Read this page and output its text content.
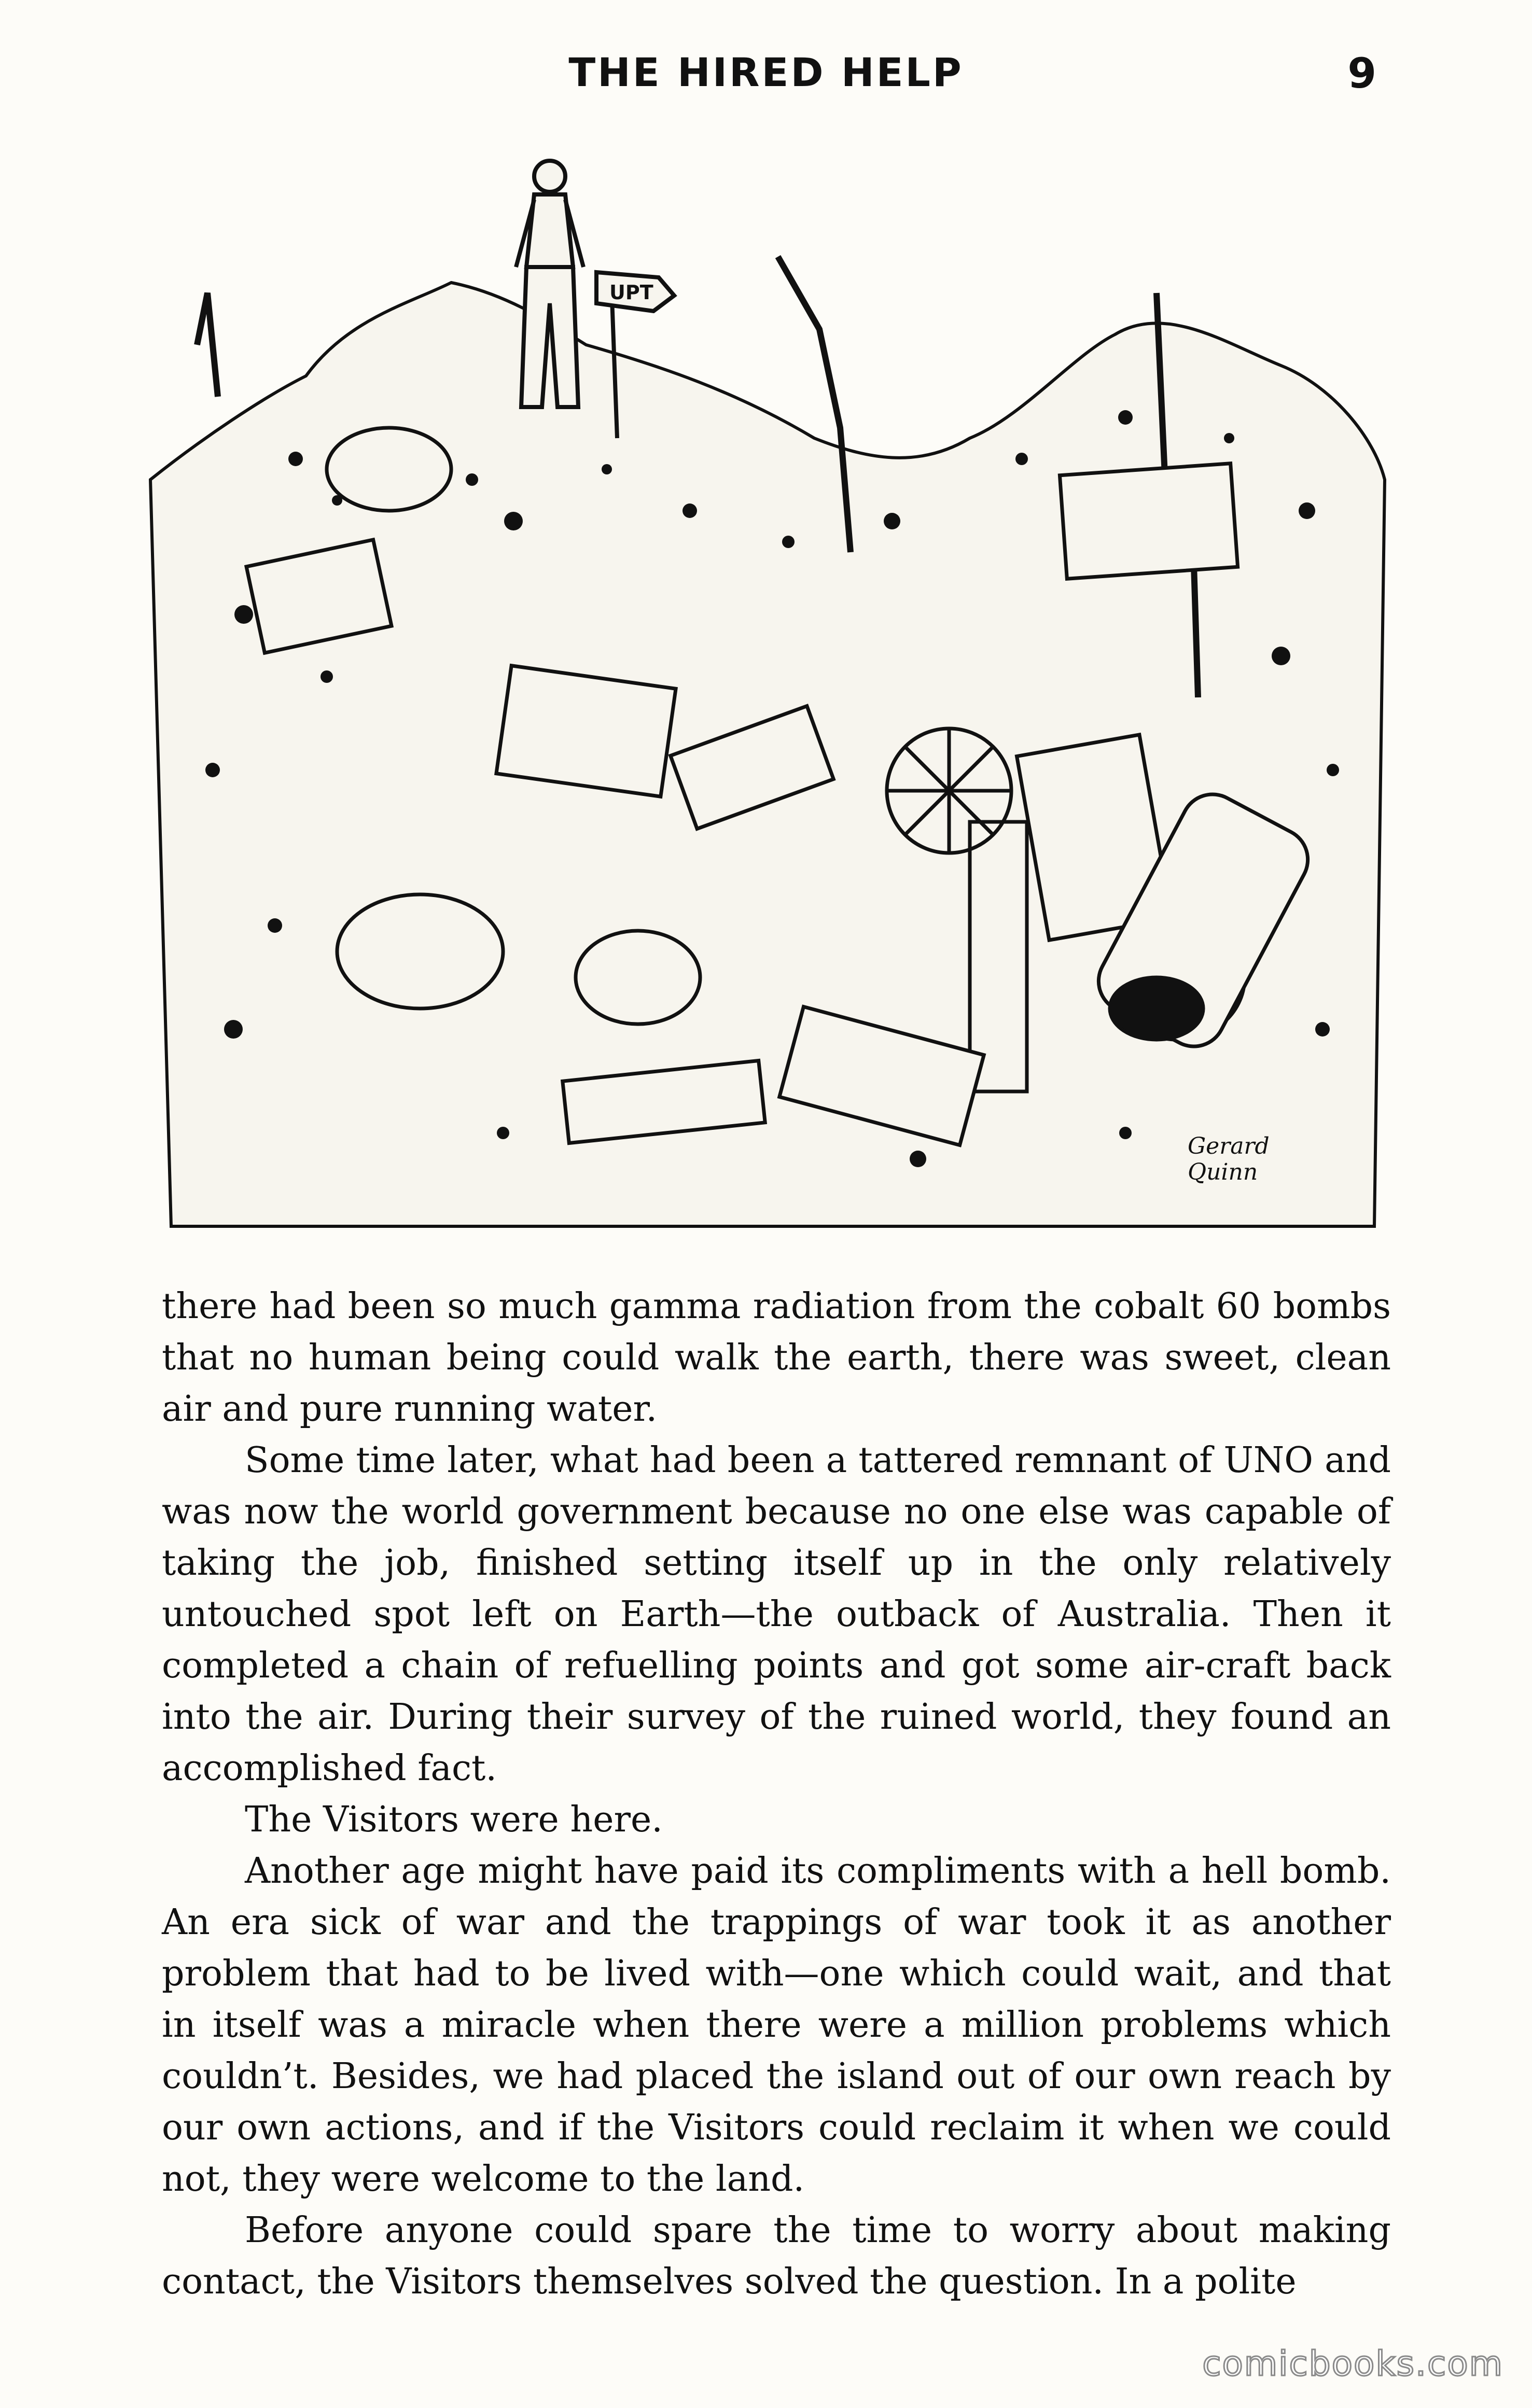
THE HIRED HELP	9
UPT
Gerard
Quinn

there had been so much gamma radiation from the cobalt 60 bombs that no human being could walk the earth, there was sweet, clean air and pure running water.

Some time later, what had been a tattered remnant of UNO and was now the world government because no one else was capable of taking the job, finished setting itself up in the only relatively untouched spot left on Earth—the outback of Australia. Then it completed a chain of refuelling points and got some air-craft back into the air. During their survey of the ruined world, they found an accomplished fact.

The Visitors were here.

Another age might have paid its compliments with a hell bomb. An era sick of war and the trappings of war took it as another problem that had to be lived with—one which could wait, and that in itself was a miracle when there were a million problems which couldn’t. Besides, we had placed the island out of our own reach by our own actions, and if the Visitors could reclaim it when we could not, they were welcome to the land.

Before anyone could spare the time to worry about making contact, the Visitors themselves solved the question. In a polite

comicbooks.com
